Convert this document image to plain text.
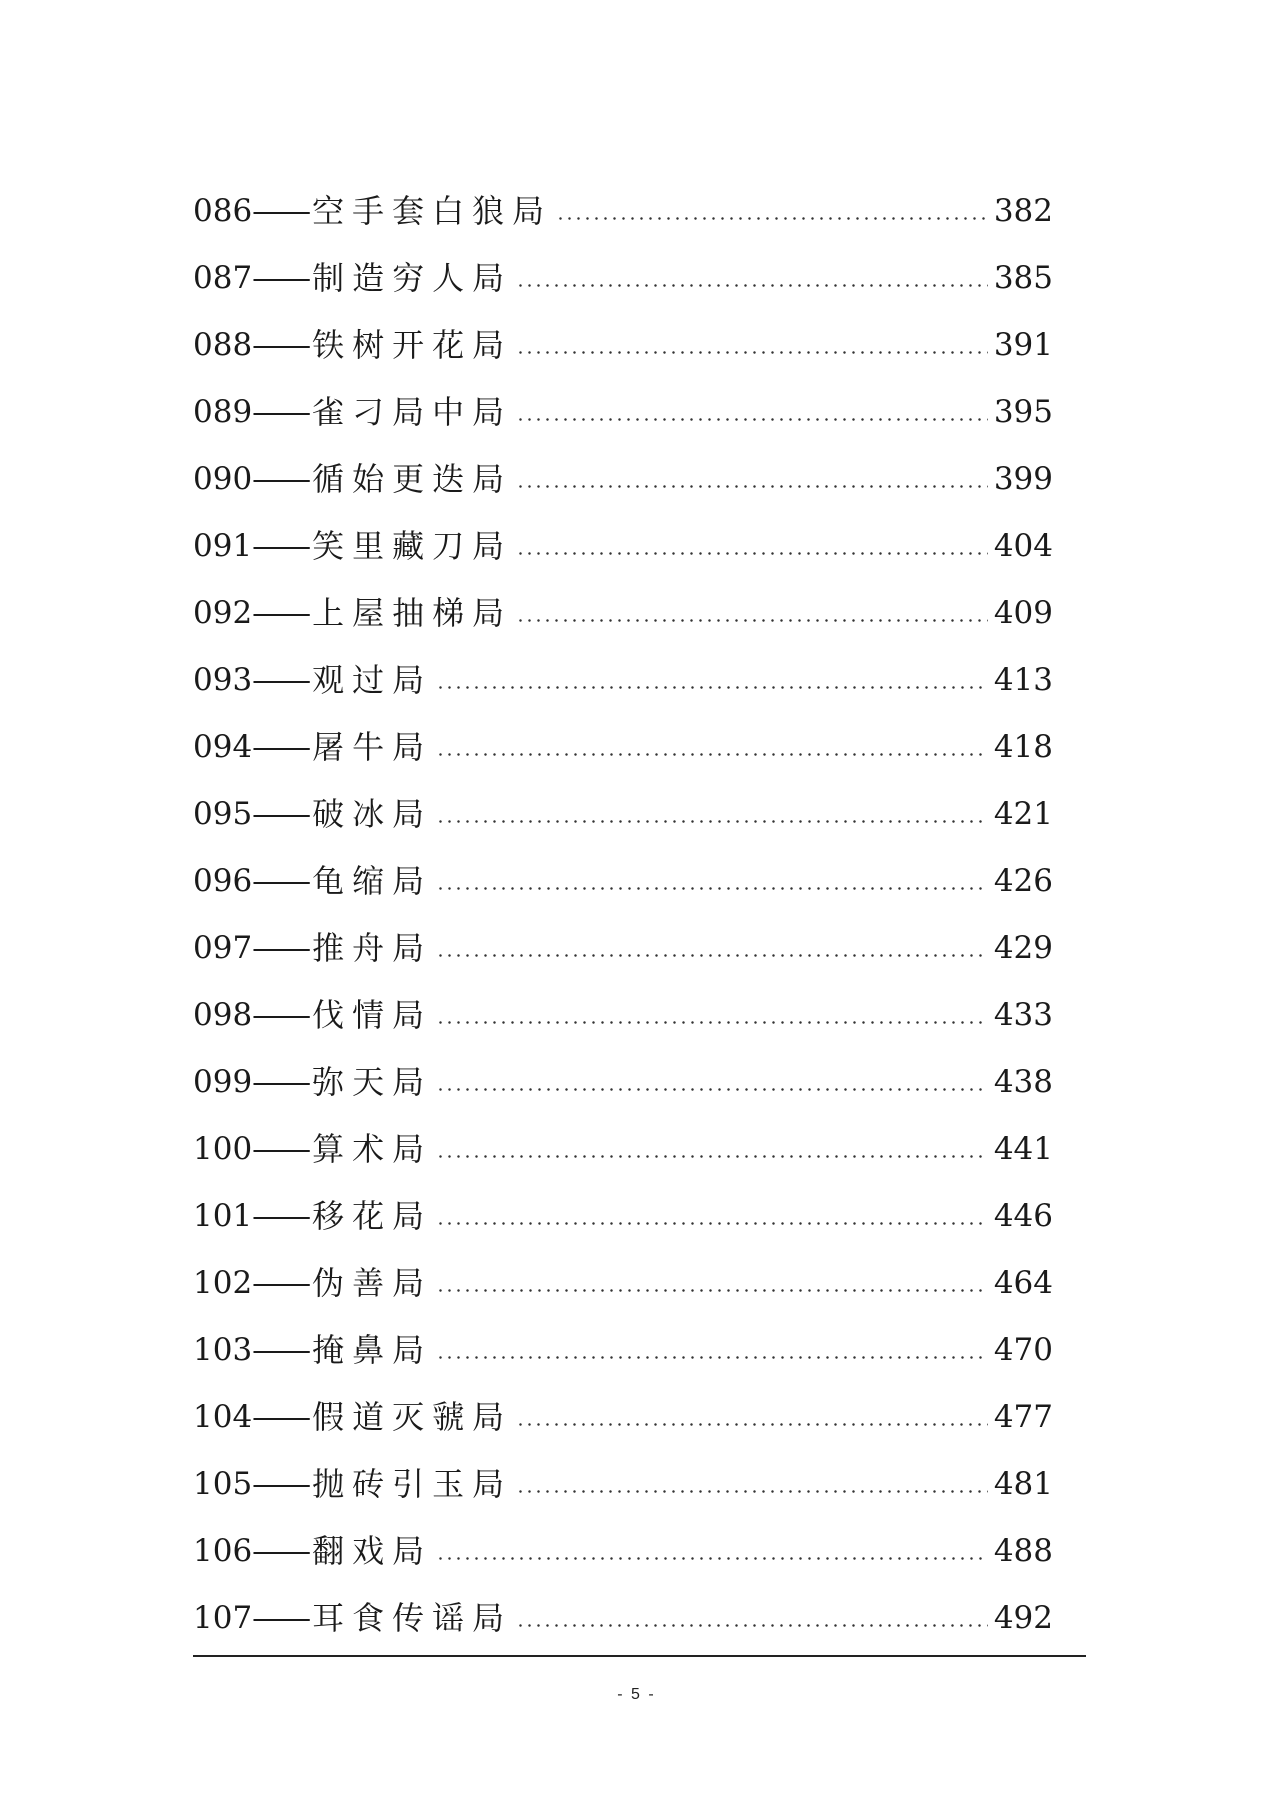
086 —— 空手套白狼局	382
087 —— 制造穷人局	385
088 —— 铁树开花局	391
089 —— 雀刁局中局	395
090 —— 循始更迭局	399
091 —— 笑里藏刀局	404
092 —— 上屋抽梯局	409
093 —— 观过局	413
094 —— 屠牛局	418
095 —— 破冰局	421
096 —— 龟缩局	426
097 —— 推舟局	429
098 —— 伐情局	433
099 —— 弥天局	438
100 —— 算术局	441
101 —— 移花局	446
102 —— 伪善局	464
103 —— 掩鼻局	470
104 —— 假道灭虢局	477
105 —— 抛砖引玉局	481
106 —— 翻戏局	488
107 —— 耳食传谣局	492
- 5 -
